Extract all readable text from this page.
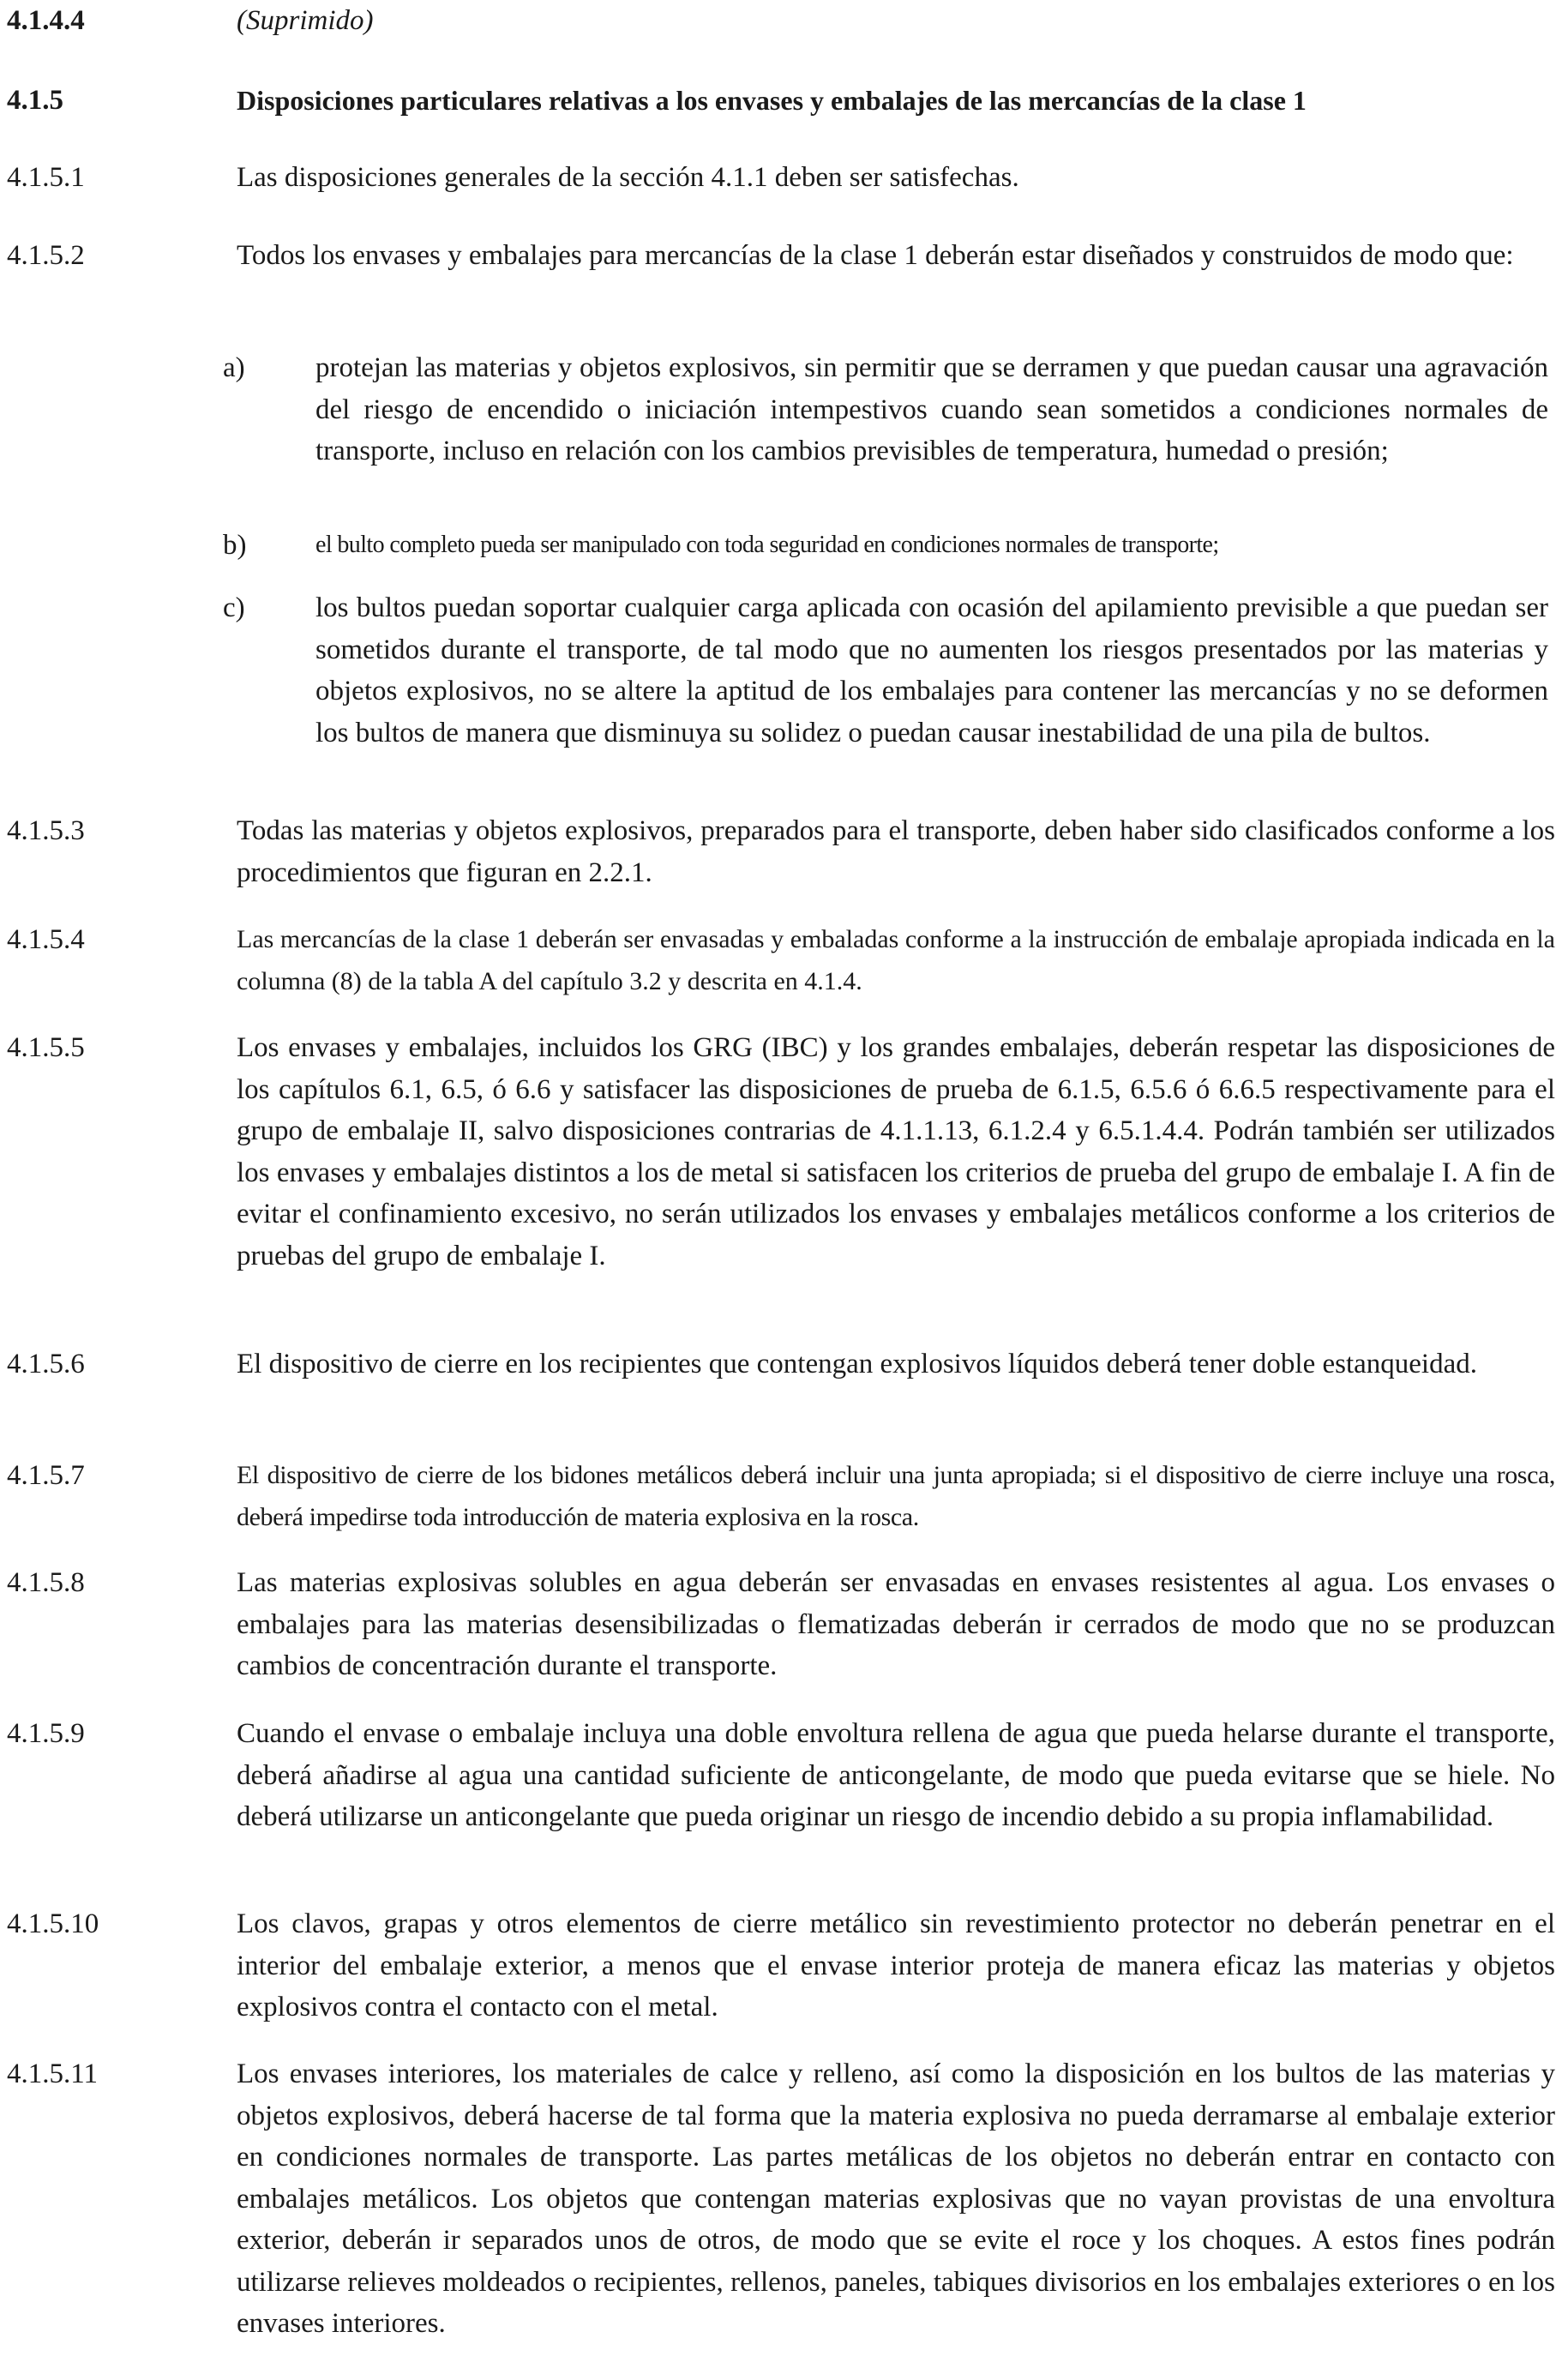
4.1.4.4	(Suprimido)
4.1.5	Disposiciones particulares relativas a los envases y embalajes de las mercancías de la clase 1
4.1.5.1	Las disposiciones generales de la sección 4.1.1 deben ser satisfechas.
4.1.5.2	Todos los envases y embalajes para mercancías de la clase 1 deberán estar diseñados y construidos de modo que:
a) protejan las materias y objetos explosivos, sin permitir que se derramen y que puedan causar una agravación del riesgo de encendido o iniciación intempestivos cuando sean sometidos a condiciones normales de transporte, incluso en relación con los cambios previsibles de temperatura, humedad o presión;
b)	el bulto completo pueda ser manipulado con toda seguridad en condiciones normales de transporte;
c) los bultos puedan soportar cualquier carga aplicada con ocasión del apilamiento previsible a que puedan ser sometidos durante el transporte, de tal modo que no aumenten los riesgos presentados por las materias y objetos explosivos, no se altere la aptitud de los embalajes para contener las mercancías y no se deformen los bultos de manera que disminuya su solidez o puedan causar inestabilidad de una pila de bultos.
4.1.5.3	Todas las materias y objetos explosivos, preparados para el transporte, deben haber sido clasificados conforme a los procedimientos que figuran en 2.2.1.
4.1.5.4	Las mercancías de la clase 1 deberán ser envasadas y embaladas conforme a la instrucción de embalaje apropiada indicada en la columna (8) de la tabla A del capítulo 3.2 y descrita en 4.1.4.
4.1.5.5	Los envases y embalajes, incluidos los GRG (IBC) y los grandes embalajes, deberán respetar las disposiciones de los capítulos 6.1, 6.5, ó 6.6 y satisfacer las disposiciones de prueba de 6.1.5, 6.5.6 ó 6.6.5 respectivamente para el grupo de embalaje II, salvo disposiciones contrarias de 4.1.1.13, 6.1.2.4 y 6.5.1.4.4. Podrán también ser utilizados los envases y embalajes distintos a los de metal si satisfacen los criterios de prueba del grupo de embalaje I. A fin de evitar el confinamiento excesivo, no serán utilizados los envases y embalajes metálicos conforme a los criterios de pruebas del grupo de embalaje I.
4.1.5.6	El dispositivo de cierre en los recipientes que contengan explosivos líquidos deberá tener doble estanqueidad.
4.1.5.7	El dispositivo de cierre de los bidones metálicos deberá incluir una junta apropiada; si el dispositivo de cierre incluye una rosca, deberá impedirse toda introducción de materia explosiva en la rosca.
4.1.5.8	Las materias explosivas solubles en agua deberán ser envasadas en envases resistentes al agua. Los envases o embalajes para las materias desensibilizadas o flematizadas deberán ir cerrados de modo que no se produzcan cambios de concentración durante el transporte.
4.1.5.9	Cuando el envase o embalaje incluya una doble envoltura rellena de agua que pueda helarse durante el transporte, deberá añadirse al agua una cantidad suficiente de anticongelante, de modo que pueda evitarse que se hiele. No deberá utilizarse un anticongelante que pueda originar un riesgo de incendio debido a su propia inflamabilidad.
4.1.5.10	Los clavos, grapas y otros elementos de cierre metálico sin revestimiento protector no deberán penetrar en el interior del embalaje exterior, a menos que el envase interior proteja de manera eficaz las materias y objetos explosivos contra el contacto con el metal.
4.1.5.11	Los envases interiores, los materiales de calce y relleno, así como la disposición en los bultos de las materias y objetos explosivos, deberá hacerse de tal forma que la materia explosiva no pueda derramarse al embalaje exterior en condiciones normales de transporte. Las partes metálicas de los objetos no deberán entrar en contacto con embalajes metálicos. Los objetos que contengan materias explosivas que no vayan provistas de una envoltura exterior, deberán ir separados unos de otros, de modo que se evite el roce y los choques. A estos fines podrán utilizarse relieves moldeados o recipientes, rellenos, paneles, tabiques divisorios en los embalajes exteriores o en los envases interiores.
